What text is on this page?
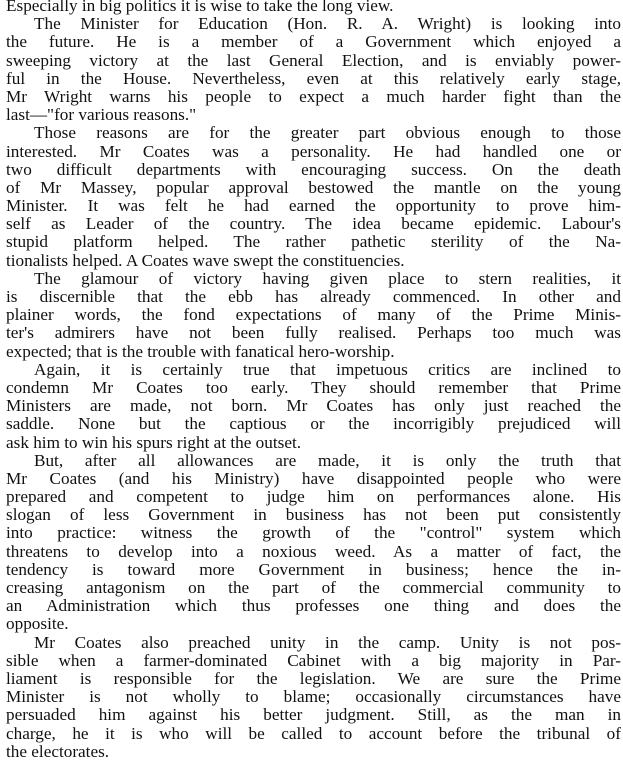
Especially in big politics it is wise to take the long view.
The Minister for Education (Hon. R. A. Wright) is looking into
the future. He is a member of a Government which enjoyed a
sweeping victory at the last General Election, and is enviably power-
ful in the House. Nevertheless, even at this relatively early stage,
Mr Wright warns his people to expect a much harder fight than the
last—"for various reasons."
Those reasons are for the greater part obvious enough to those
interested. Mr Coates was a personality. He had handled one or
two difficult departments with encouraging success. On the death
of Mr Massey, popular approval bestowed the mantle on the young
Minister. It was felt he had earned the opportunity to prove him-
self as Leader of the country. The idea became epidemic. Labour's
stupid platform helped. The rather pathetic sterility of the Na-
tionalists helped. A Coates wave swept the constituencies.
The glamour of victory having given place to stern realities, it
is discernible that the ebb has already commenced. In other and
plainer words, the fond expectations of many of the Prime Minis-
ter's admirers have not been fully realised. Perhaps too much was
expected; that is the trouble with fanatical hero-worship.
Again, it is certainly true that impetuous critics are inclined to
condemn Mr Coates too early. They should remember that Prime
Ministers are made, not born. Mr Coates has only just reached the
saddle. None but the captious or the incorrigibly prejudiced will
ask him to win his spurs right at the outset.
But, after all allowances are made, it is only the truth that
Mr Coates (and his Ministry) have disappointed people who were
prepared and competent to judge him on performances alone. His
slogan of less Government in business has not been put consistently
into practice: witness the growth of the "control" system which
threatens to develop into a noxious weed. As a matter of fact, the
tendency is toward more Government in business; hence the in-
creasing antagonism on the part of the commercial community to
an Administration which thus professes one thing and does the
opposite.
Mr Coates also preached unity in the camp. Unity is not pos-
sible when a farmer-dominated Cabinet with a big majority in Par-
liament is responsible for the legislation. We are sure the Prime
Minister is not wholly to blame; occasionally circumstances have
persuaded him against his better judgment. Still, as the man in
charge, he it is who will be called to account before the tribunal of
the electorates.
